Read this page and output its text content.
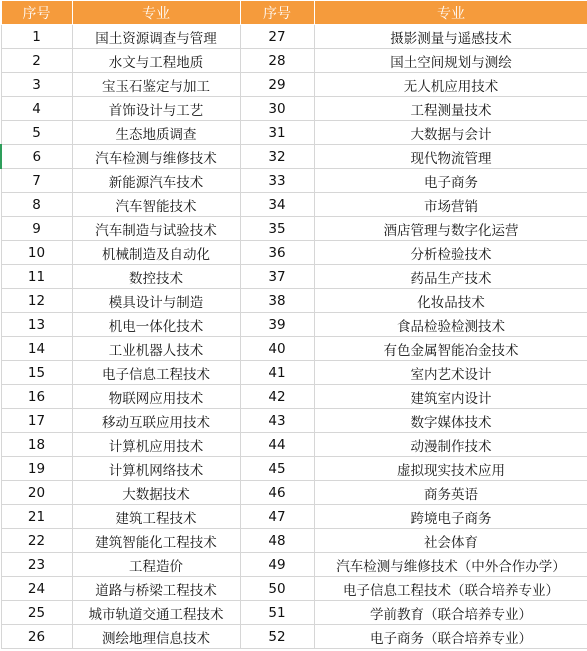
序号	专业	序号	专业
1	国土资源调查与管理	27	摄影测量与遥感技术
2	水文与工程地质	28	国土空间规划与测绘
3	宝玉石鉴定与加工	29	无人机应用技术
4	首饰设计与工艺	30	工程测量技术
5	生态地质调查	31	大数据与会计
6	汽车检测与维修技术	32	现代物流管理
7	新能源汽车技术	33	电子商务
8	汽车智能技术	34	市场营销
9	汽车制造与试验技术	35	酒店管理与数字化运营
10	机械制造及自动化	36	分析检验技术
11	数控技术	37	药品生产技术
12	模具设计与制造	38	化妆品技术
13	机电一体化技术	39	食品检验检测技术
14	工业机器人技术	40	有色金属智能冶金技术
15	电子信息工程技术	41	室内艺术设计
16	物联网应用技术	42	建筑室内设计
17	移动互联应用技术	43	数字媒体技术
18	计算机应用技术	44	动漫制作技术
19	计算机网络技术	45	虚拟现实技术应用
20	大数据技术	46	商务英语
21	建筑工程技术	47	跨境电子商务
22	建筑智能化工程技术	48	社会体育
23	工程造价	49	汽车检测与维修技术（中外合作办学）
24	道路与桥梁工程技术	50	电子信息工程技术（联合培养专业）
25	城市轨道交通工程技术	51	学前教育（联合培养专业）
26	测绘地理信息技术	52	电子商务（联合培养专业）
